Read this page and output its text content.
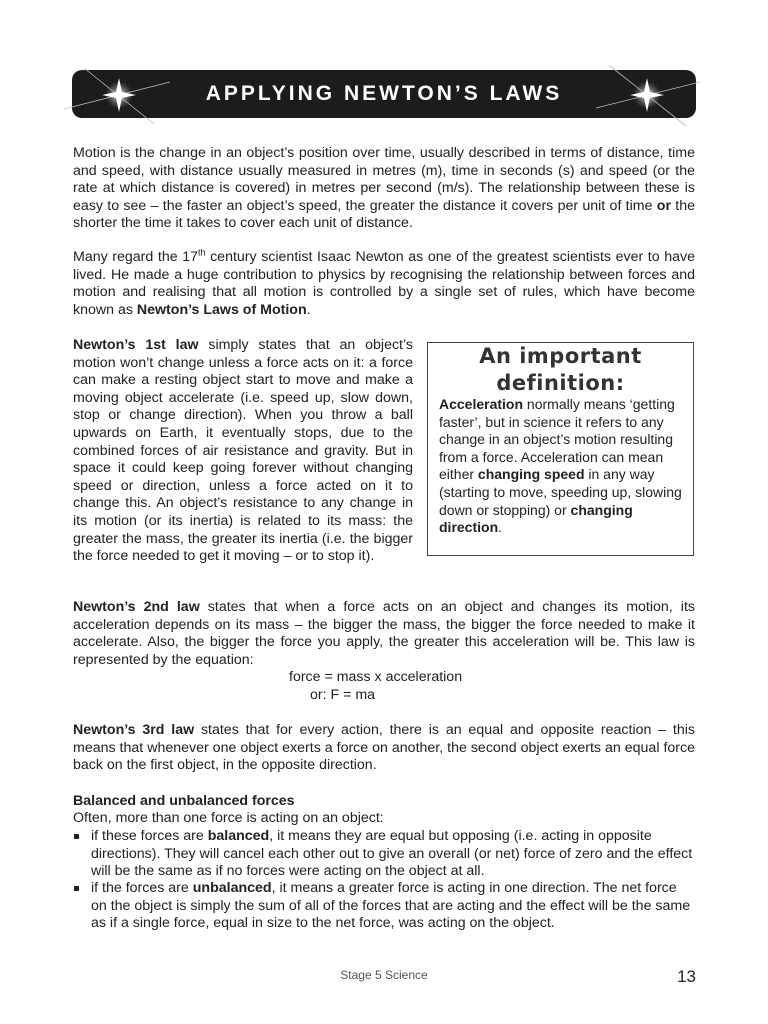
APPLYING NEWTON’S LAWS

Motion is the change in an object’s position over time, usually described in terms of distance, time and speed, with distance usually measured in metres (m), time in seconds (s) and speed (or the rate at which distance is covered) in metres per second (m/s). The relationship between these is easy to see – the faster an object’s speed, the greater the distance it covers per unit of time or the shorter the time it takes to cover each unit of distance.

Many regard the 17th century scientist Isaac Newton as one of the greatest scientists ever to have lived. He made a huge contribution to physics by recognising the relationship between forces and motion and realising that all motion is controlled by a single set of rules, which have become known as Newton’s Laws of Motion.

Newton’s 1st law simply states that an object’s motion won’t change unless a force acts on it: a force can make a resting object start to move and make a moving object accelerate (i.e. speed up, slow down, stop or change direction). When you throw a ball upwards on Earth, it eventually stops, due to the combined forces of air resistance and gravity. But in space it could keep going forever without changing speed or direction, unless a force acted on it to change this. An object’s resistance to any change in its motion (or its inertia) is related to its mass: the greater the mass, the greater its inertia (i.e. the bigger the force needed to get it moving – or to stop it).

An important
definition:

Acceleration normally means ‘getting faster’, but in science it refers to any change in an object’s motion resulting from a force. Acceleration can mean either changing speed in any way (starting to move, speeding up, slowing down or stopping) or changing direction.

Newton’s 2nd law states that when a force acts on an object and changes its motion, its acceleration depends on its mass – the bigger the mass, the bigger the force needed to make it accelerate. Also, the bigger the force you apply, the greater this acceleration will be. This law is represented by the equation:

force = mass x acceleration
or: F = ma

Newton’s 3rd law states that for every action, there is an equal and opposite reaction – this means that whenever one object exerts a force on another, the second object exerts an equal force back on the first object, in the opposite direction.

Balanced and unbalanced forces
Often, more than one force is acting on an object:

if these forces are balanced, it means they are equal but opposing (i.e. acting in opposite directions). They will cancel each other out to give an overall (or net) force of zero and the effect will be the same as if no forces were acting on the object at all.

if the forces are unbalanced, it means a greater force is acting in one direction. The net force on the object is simply the sum of all of the forces that are acting and the effect will be the same as if a single force, equal in size to the net force, was acting on the object.

Stage 5 Science	13
